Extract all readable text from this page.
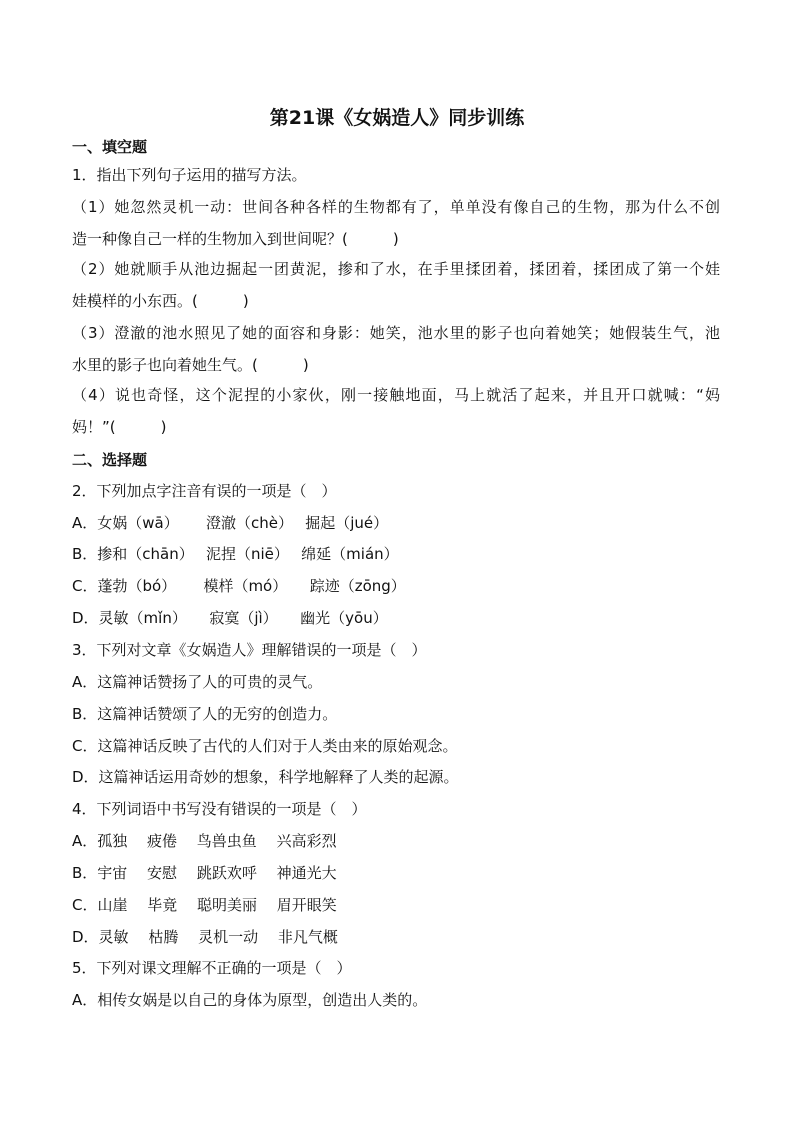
第21课《女娲造人》同步训练

一、填空题

1．指出下列句子运用的描写方法。

（1）她忽然灵机一动：世间各种各样的生物都有了，单单没有像自己的生物，那为什么不创

造一种像自己一样的生物加入到世间呢？(　　　)

（2）她就顺手从池边掘起一团黄泥，掺和了水，在手里揉团着，揉团着，揉团成了第一个娃

娃模样的小东西。(　　　)

（3）澄澈的池水照见了她的面容和身影：她笑，池水里的影子也向着她笑；她假装生气，池

水里的影子也向着她生气。(　　　)

（4）说也奇怪，这个泥捏的小家伙，刚一接触地面，马上就活了起来，并且开口就喊：“妈

妈！”(　　　)

二、选择题

2．下列加点字注音有误的一项是（　）

A．女娲（wā）　　 澄澈（chè）　 掘起（jué）

B．掺和（chān）　 泥捏（niē）　 绵延（mián）

C．蓬勃（bó）　　 模样（mó）　　踪迹（zōng）

D．灵敏（mǐn）　　寂寞（jì）　　幽光（yōu）

3．下列对文章《女娲造人》理解错误的一项是（　）

A．这篇神话赞扬了人的可贵的灵气。

B．这篇神话赞颂了人的无穷的创造力。

C．这篇神话反映了古代的人们对于人类由来的原始观念。

D．这篇神话运用奇妙的想象，科学地解释了人类的起源。

4．下列词语中书写没有错误的一项是（　）

A．孤独　 疲倦　 鸟兽虫鱼　 兴高彩烈

B．宇宙　 安慰　 跳跃欢呼　 神通光大

C．山崖　 毕竟　 聪明美丽　 眉开眼笑

D．灵敏　 枯腾　 灵机一动　 非凡气概

5．下列对课文理解不正确的一项是（　）

A．相传女娲是以自己的身体为原型，创造出人类的。
